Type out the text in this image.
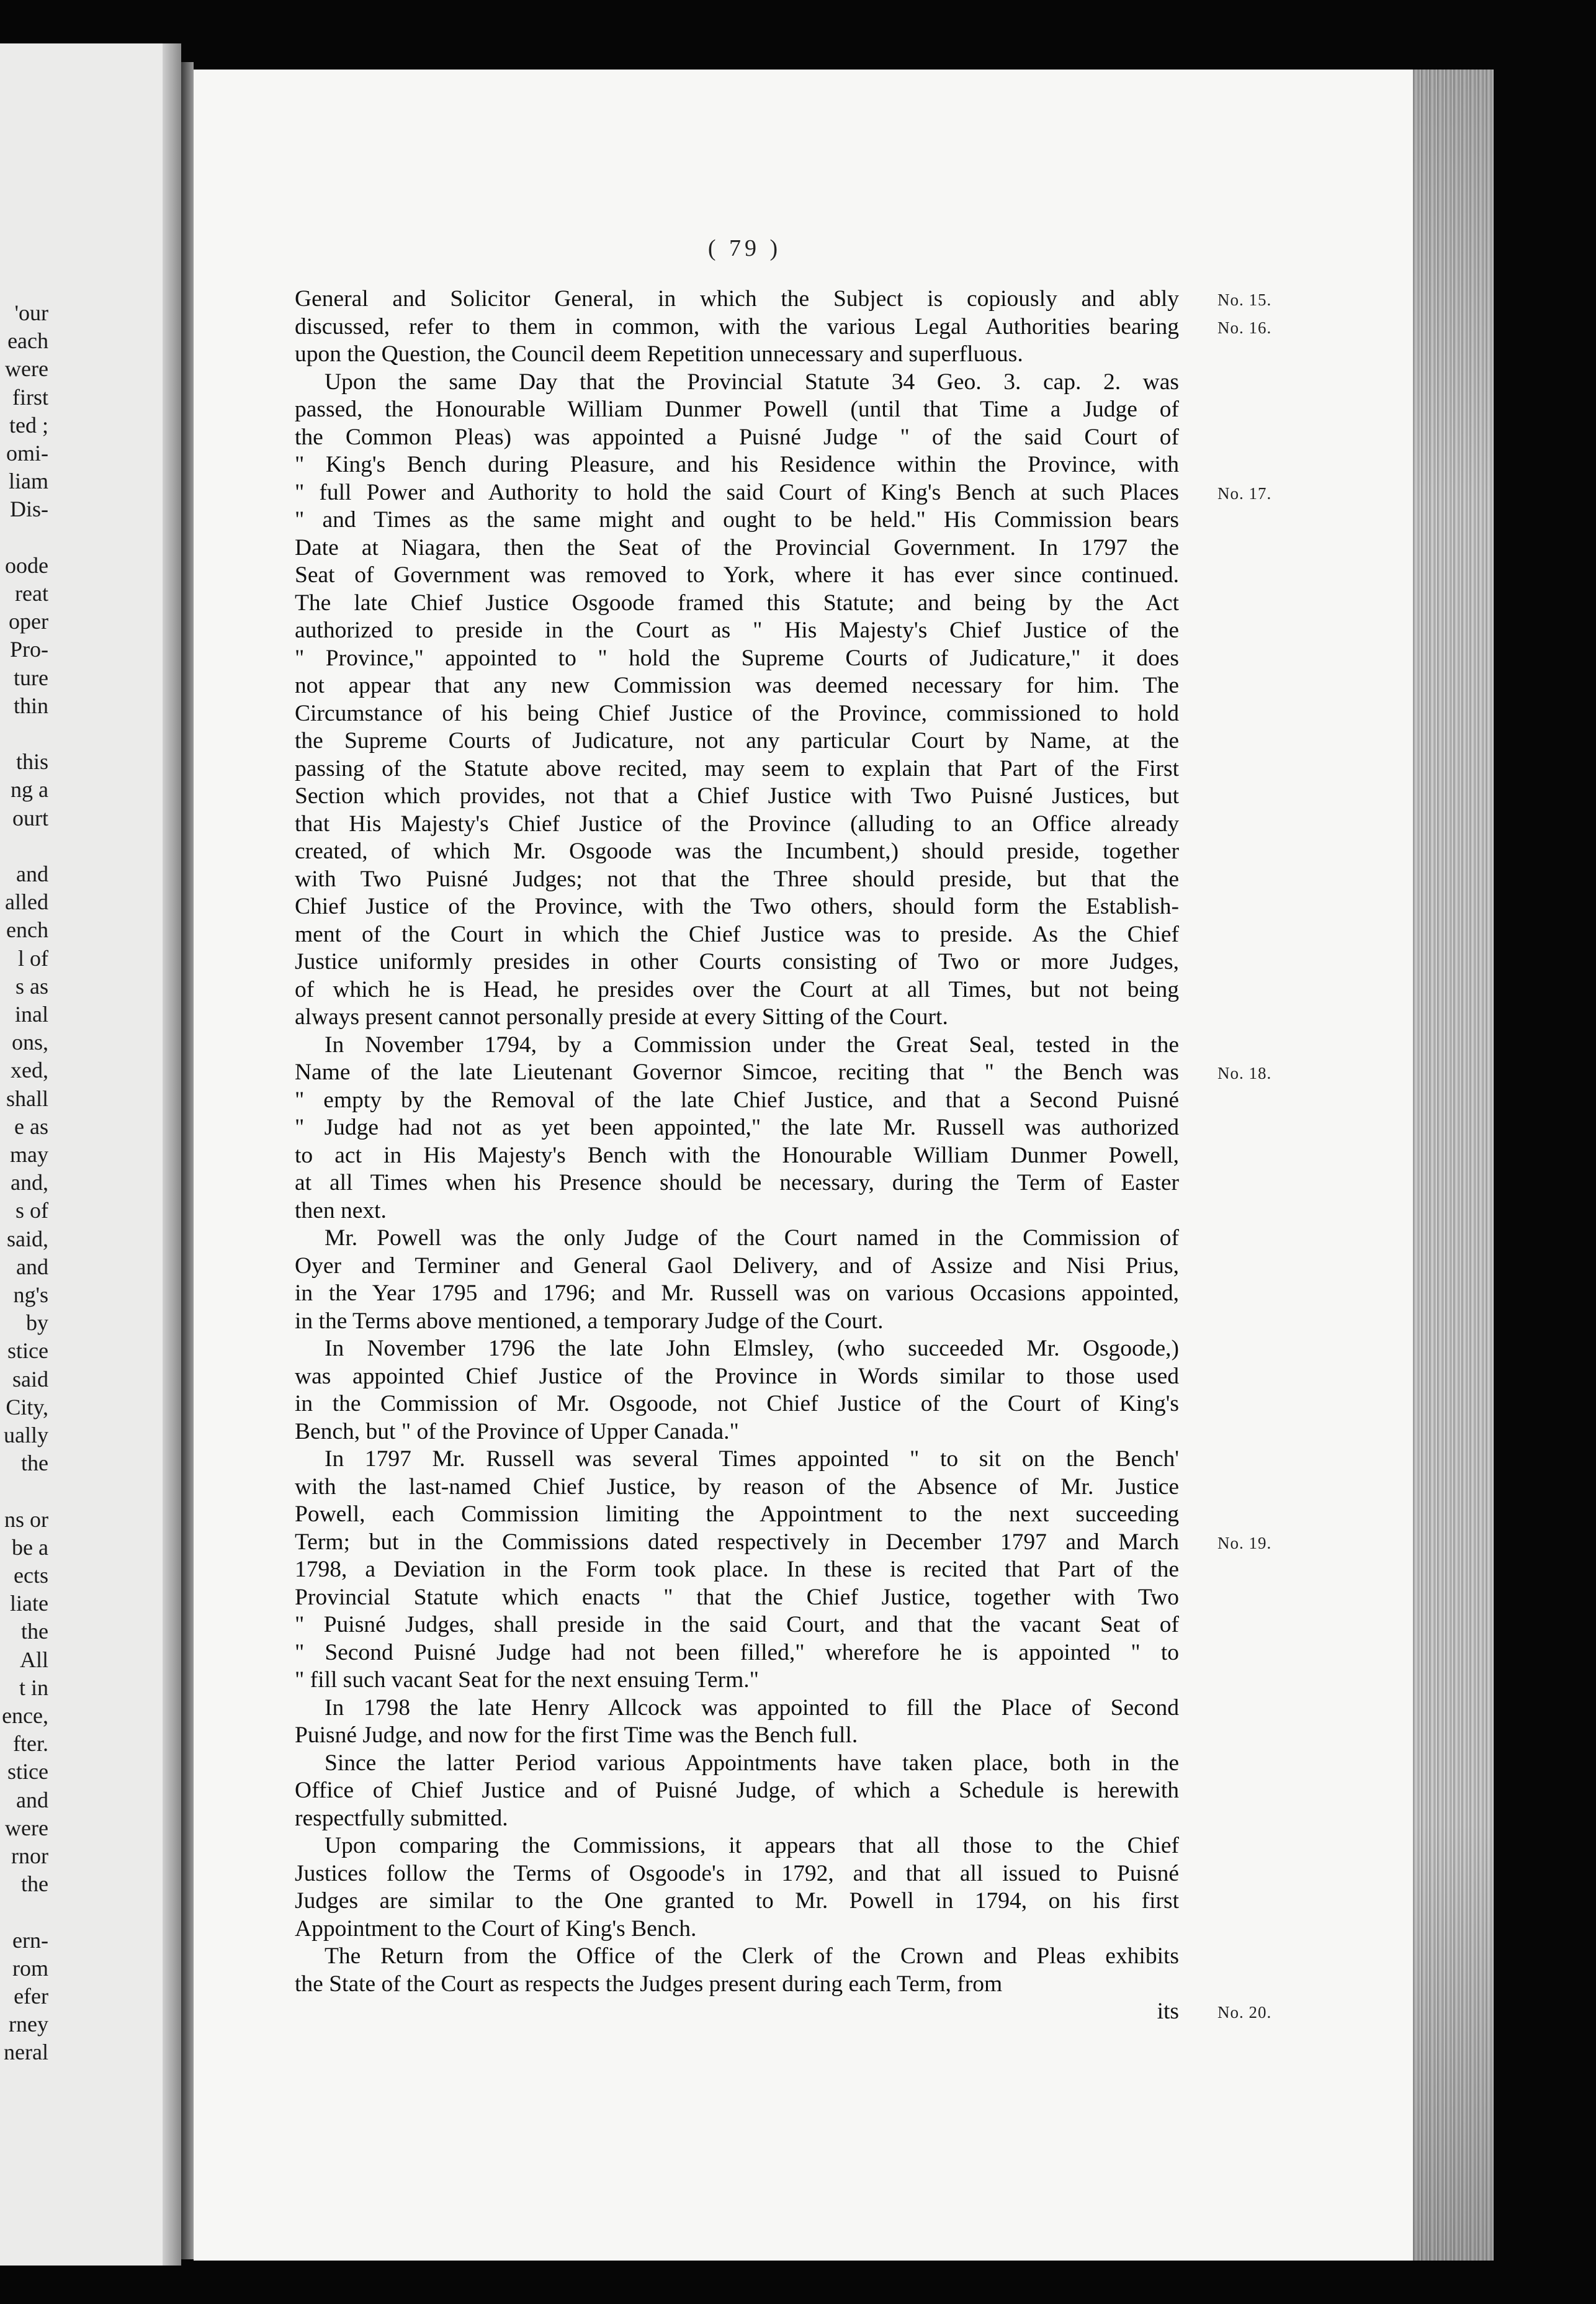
'our
each
were
first
ted ;
omi-
liam
Dis-
oode
reat
oper
Pro-
ture
thin
this
ng a
ourt
and
alled
ench
l of
s as
inal
ons,
xed,
shall
e as
may
and,
s of
said,
and
ng's
by
stice
said
City,
ually
the
ns or
be a
ects
liate
the
All
t in
ence,
fter.
stice
and
were
rnor
the
ern-
rom
efer
rney
neral
( 79 )
General and Solicitor General, in which the Subject is copiously and ably
discussed, refer to them in common, with the various Legal Authorities bearing
upon the Question, the Council deem Repetition unnecessary and superfluous.
Upon the same Day that the Provincial Statute 34 Geo. 3. cap. 2. was
passed, the Honourable William Dunmer Powell (until that Time a Judge of
the Common Pleas) was appointed a Puisné Judge " of the said Court of
" King's Bench during Pleasure, and his Residence within the Province, with
" full Power and Authority to hold the said Court of King's Bench at such Places
" and Times as the same might and ought to be held." His Commission bears
Date at Niagara, then the Seat of the Provincial Government. In 1797 the
Seat of Government was removed to York, where it has ever since continued.
The late Chief Justice Osgoode framed this Statute; and being by the Act
authorized to preside in the Court as " His Majesty's Chief Justice of the
" Province," appointed to " hold the Supreme Courts of Judicature," it does
not appear that any new Commission was deemed necessary for him. The
Circumstance of his being Chief Justice of the Province, commissioned to hold
the Supreme Courts of Judicature, not any particular Court by Name, at the
passing of the Statute above recited, may seem to explain that Part of the First
Section which provides, not that a Chief Justice with Two Puisné Justices, but
that His Majesty's Chief Justice of the Province (alluding to an Office already
created, of which Mr. Osgoode was the Incumbent,) should preside, together
with Two Puisné Judges; not that the Three should preside, but that the
Chief Justice of the Province, with the Two others, should form the Establish-
ment of the Court in which the Chief Justice was to preside. As the Chief
Justice uniformly presides in other Courts consisting of Two or more Judges,
of which he is Head, he presides over the Court at all Times, but not being
always present cannot personally preside at every Sitting of the Court.
In November 1794, by a Commission under the Great Seal, tested in the
Name of the late Lieutenant Governor Simcoe, reciting that " the Bench was
" empty by the Removal of the late Chief Justice, and that a Second Puisné
" Judge had not as yet been appointed," the late Mr. Russell was authorized
to act in His Majesty's Bench with the Honourable William Dunmer Powell,
at all Times when his Presence should be necessary, during the Term of Easter
then next.
Mr. Powell was the only Judge of the Court named in the Commission of
Oyer and Terminer and General Gaol Delivery, and of Assize and Nisi Prius,
in the Year 1795 and 1796; and Mr. Russell was on various Occasions appointed,
in the Terms above mentioned, a temporary Judge of the Court.
In November 1796 the late John Elmsley, (who succeeded Mr. Osgoode,)
was appointed Chief Justice of the Province in Words similar to those used
in the Commission of Mr. Osgoode, not Chief Justice of the Court of King's
Bench, but " of the Province of Upper Canada."
In 1797 Mr. Russell was several Times appointed " to sit on the Bench'
with the last-named Chief Justice, by reason of the Absence of Mr. Justice
Powell, each Commission limiting the Appointment to the next succeeding
Term; but in the Commissions dated respectively in December 1797 and March
1798, a Deviation in the Form took place. In these is recited that Part of the
Provincial Statute which enacts " that the Chief Justice, together with Two
" Puisné Judges, shall preside in the said Court, and that the vacant Seat of
" Second Puisné Judge had not been filled," wherefore he is appointed " to
" fill such vacant Seat for the next ensuing Term."
In 1798 the late Henry Allcock was appointed to fill the Place of Second
Puisné Judge, and now for the first Time was the Bench full.
Since the latter Period various Appointments have taken place, both in the
Office of Chief Justice and of Puisné Judge, of which a Schedule is herewith
respectfully submitted.
Upon comparing the Commissions, it appears that all those to the Chief
Justices follow the Terms of Osgoode's in 1792, and that all issued to Puisné
Judges are similar to the One granted to Mr. Powell in 1794, on his first
Appointment to the Court of King's Bench.
The Return from the Office of the Clerk of the Crown and Pleas exhibits
the State of the Court as respects the Judges present during each Term, from
its
No. 15.
No. 16.
No. 17.
No. 18.
No. 19.
No. 20.
